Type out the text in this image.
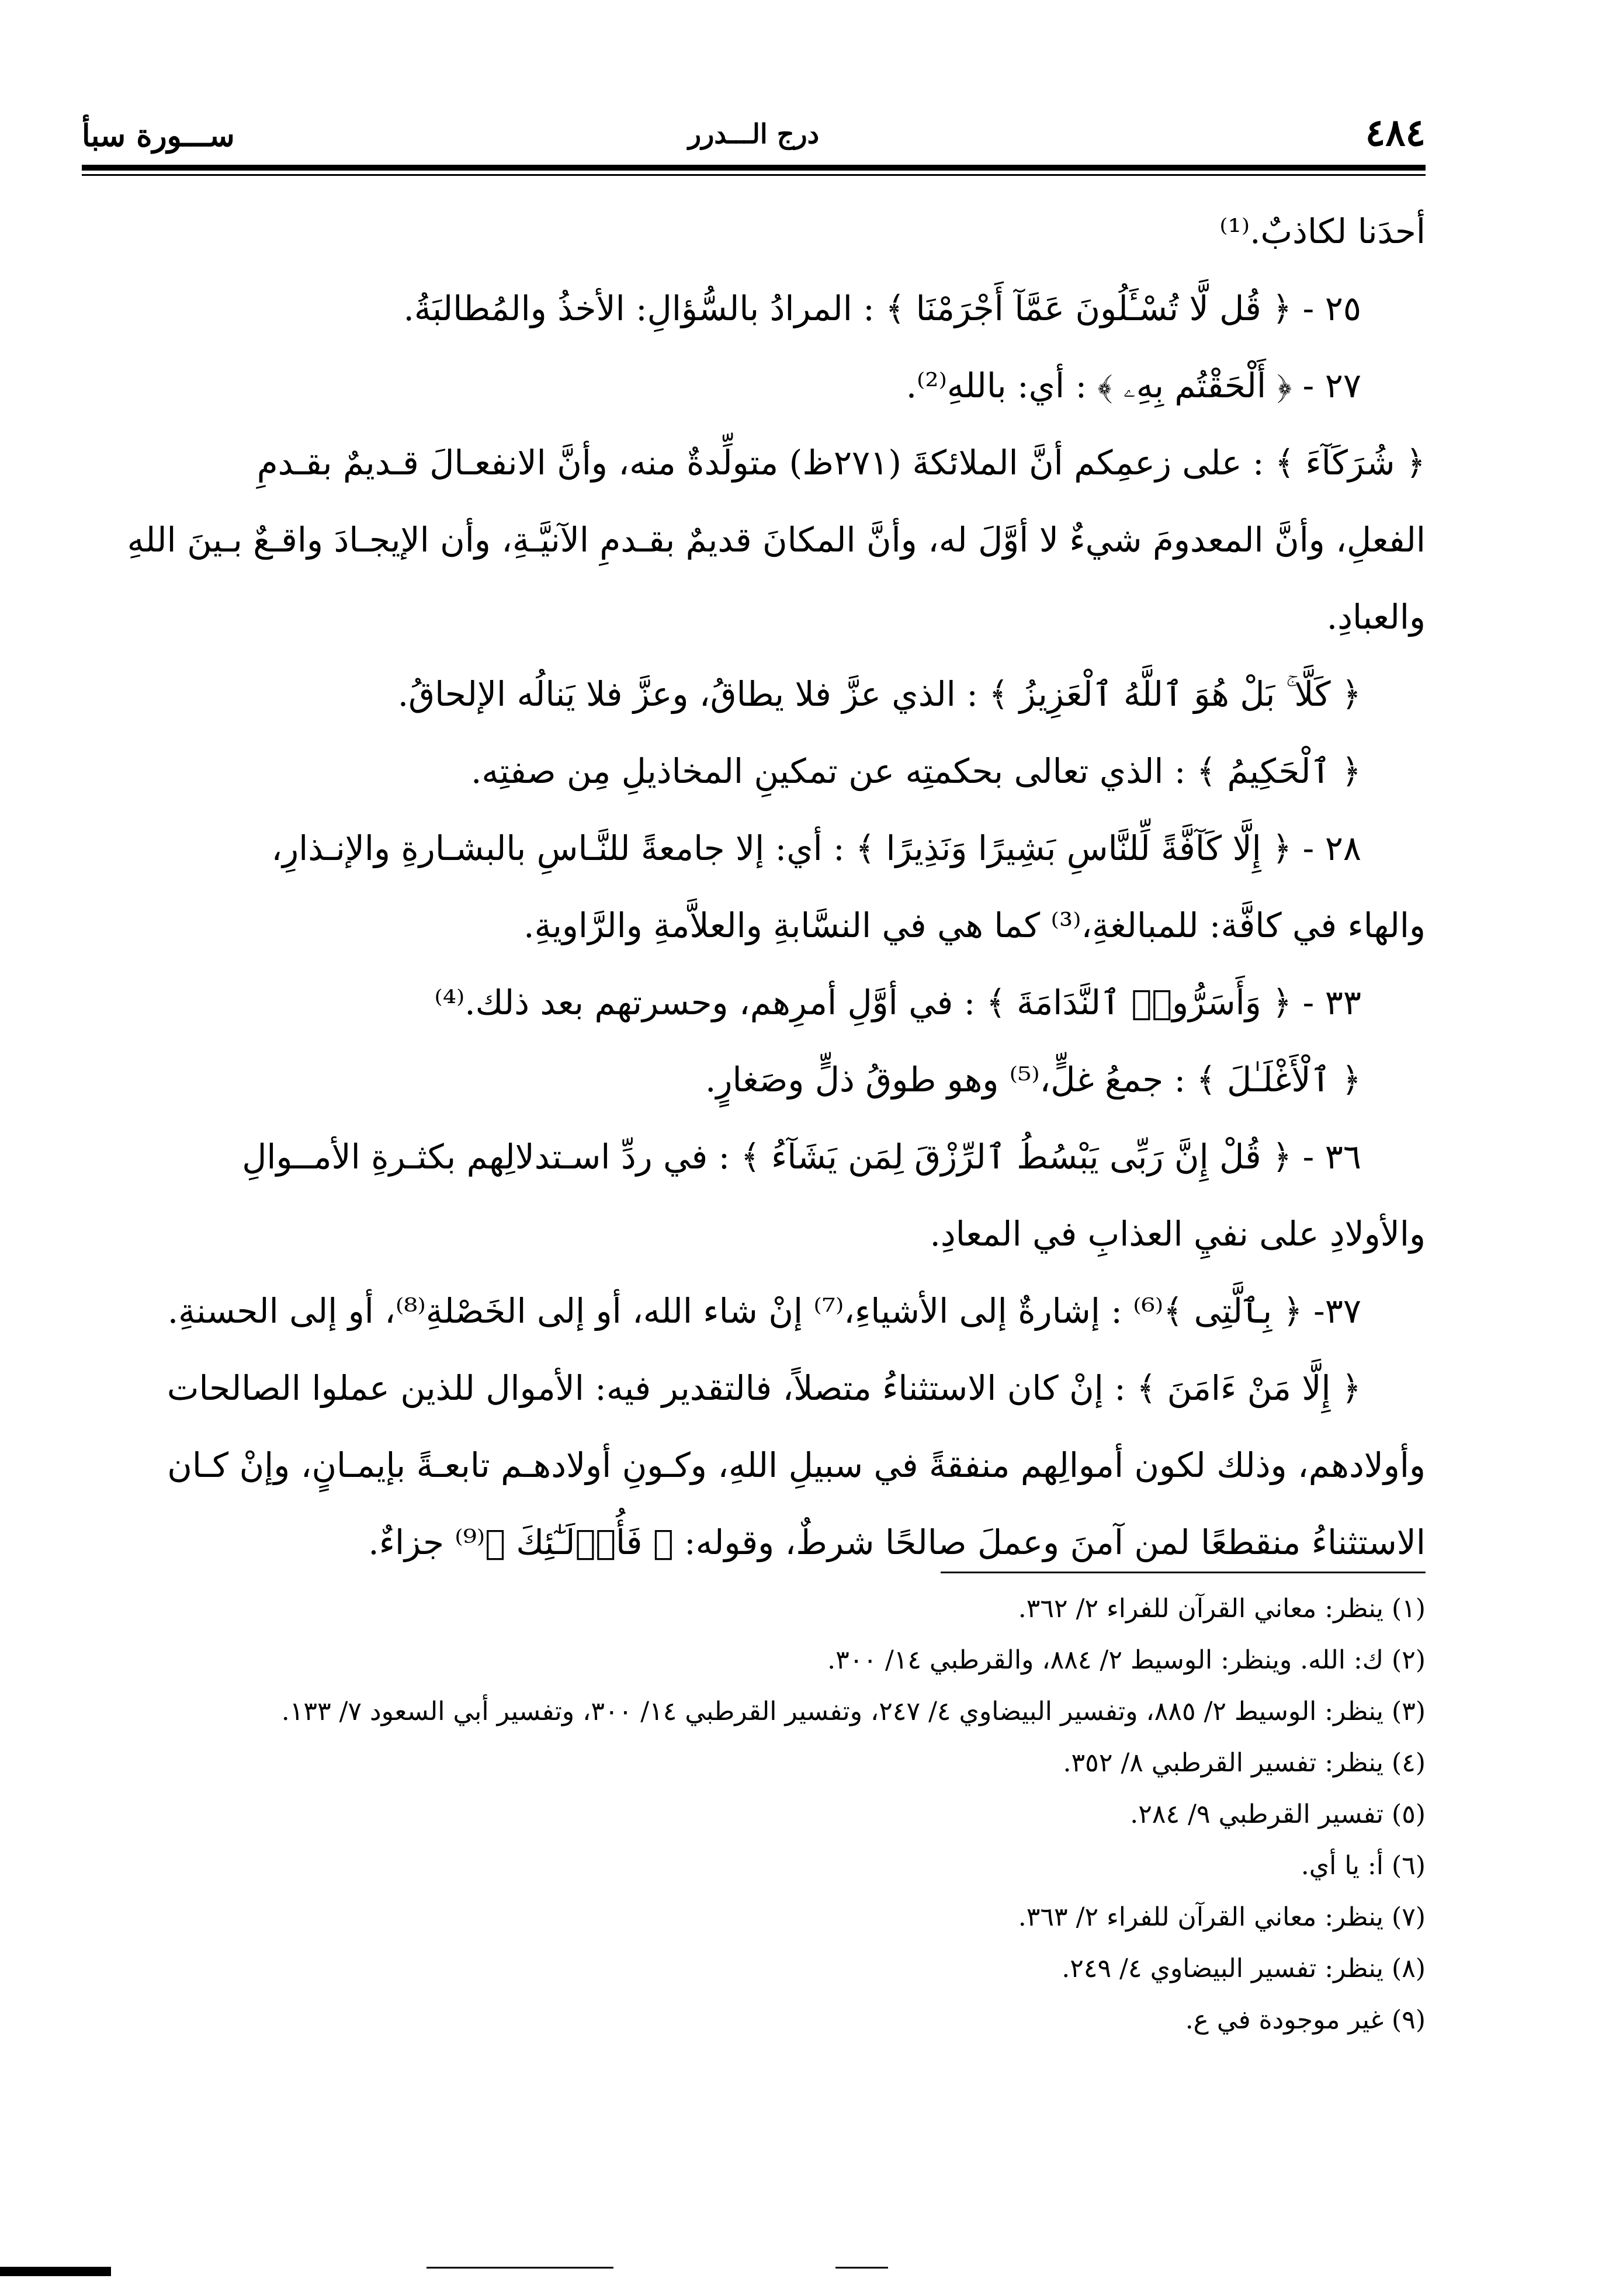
٤٨٤
درج الـــدرر
ســـورة سبأ
أحدَنا لكاذبٌ.⁽¹⁾
٢٥ - ﴿ قُل لَّا تُسْـَٔلُونَ عَمَّآ أَجْرَمْنَا ﴾ : المرادُ بالسُّؤالِ: الأخذُ والمُطالبَةُ.
٢٧ - ﴿ أَلْحَقْتُم بِهِۦ ﴾ : أي: باللهِ⁽²⁾.
﴿ شُرَكَآءَ ﴾ : على زعمِكم أنَّ الملائكةَ (٢٧١ظ) متولِّدةٌ منه، وأنَّ الانفعـالَ قـديمٌ بقـدمِ
الفعلِ، وأنَّ المعدومَ شيءٌ لا أوَّلَ له، وأنَّ المكانَ قديمٌ بقـدمِ الآنيَّـةِ، وأن الإيجـادَ واقـعٌ بـينَ اللهِ
والعبادِ.
﴿ كَلَّا ۚ بَلْ هُوَ ٱللَّهُ ٱلْعَزِيزُ ﴾ : الذي عزَّ فلا يطاقُ، وعزَّ فلا يَنالُه الإلحاقُ.
﴿ ٱلْحَكِيمُ ﴾ : الذي تعالى بحكمتِه عن تمكينِ المخاذيلِ مِن صفتِه.
٢٨ - ﴿ إِلَّا كَآفَّةً لِّلنَّاسِ بَشِيرًا وَنَذِيرًا ﴾ : أي: إلا جامعةً للنَّـاسِ بالبشـارةِ والإنـذارِ،
والهاء في كافَّة: للمبالغةِ،⁽³⁾ كما هي في النسَّابةِ والعلاَّمةِ والرَّاويةِ.
٣٣ - ﴿ وَأَسَرُّوا۟ ٱلنَّدَامَةَ ﴾ : في أوَّلِ أمرِهم، وحسرتهم بعد ذلك.⁽⁴⁾
﴿ ٱلْأَغْلَـٰلَ ﴾ : جمعُ غلٍّ،⁽⁵⁾ وهو طوقُ ذلٍّ وصَغارٍ.
٣٦ - ﴿ قُلْ إِنَّ رَبِّى يَبْسُطُ ٱلرِّزْقَ لِمَن يَشَآءُ ﴾ : في ردِّ اسـتدلالِهم بكثـرةِ الأمــوالِ
والأولادِ على نفيِ العذابِ في المعادِ.
٣٧- ﴿ بِٱلَّتِى ﴾⁽⁶⁾ : إشارةٌ إلى الأشياءِ،⁽⁷⁾ إنْ شاء الله، أو إلى الخَصْلةِ⁽⁸⁾، أو إلى الحسنةِ.
﴿ إِلَّا مَنْ ءَامَنَ ﴾ : إنْ كان الاستثناءُ متصلاً، فالتقدير فيه: الأموال للذين عملوا الصالحات
وأولادهم، وذلك لكون أموالِهم منفقةً في سبيلِ اللهِ، وكـونِ أولادهـم تابعـةً بإيمـانٍ، وإنْ كـان
الاستثناءُ منقطعًا لمن آمنَ وعملَ صالحًا شرطٌ، وقوله: ﴿ فَأُو۟لَـٰٓئِكَ ﴾⁽⁹⁾ جزاءٌ.
(١) ينظر: معاني القرآن للفراء ٢/ ٣٦٢.
(٢) ك: الله. وينظر: الوسيط ٢/ ٨٨٤، والقرطبي ١٤/ ٣٠٠.
(٣) ينظر: الوسيط ٢/ ٨٨٥، وتفسير البيضاوي ٤/ ٢٤٧، وتفسير القرطبي ١٤/ ٣٠٠، وتفسير أبي السعود ٧/ ١٣٣.
(٤) ينظر: تفسير القرطبي ٨/ ٣٥٢.
(٥) تفسير القرطبي ٩/ ٢٨٤.
(٦) أ: يا أي.
(٧) ينظر: معاني القرآن للفراء ٢/ ٣٦٣.
(٨) ينظر: تفسير البيضاوي ٤/ ٢٤٩.
(٩) غير موجودة في ع.
